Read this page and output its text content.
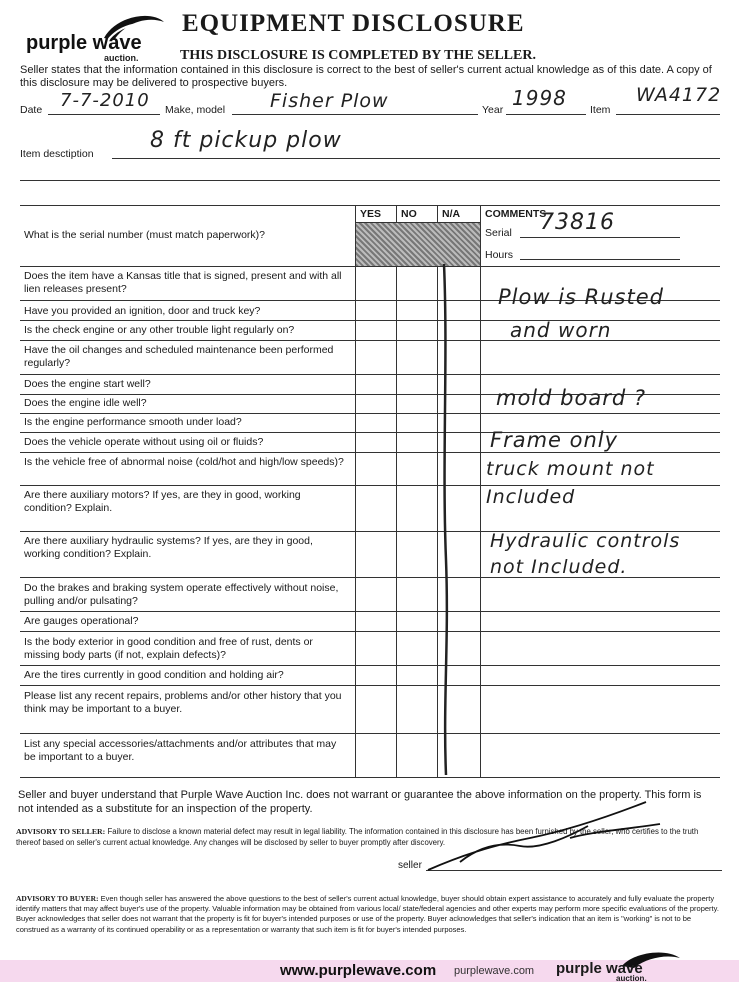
purple wave
auction.
EQUIPMENT DISCLOSURE
THIS DISCLOSURE IS COMPLETED BY THE SELLER.
Seller states that the information contained in this disclosure is correct to the best of seller's current actual knowledge as of this date. A copy of this disclosure may be delivered to prospective buyers.
Date 7-7-2010 Make, model Fisher Plow	Year 1998 Item
WA4172
Item desctiption
8 ft pickup plow
YES NO N/A COMMENTS
Serial 73816
Hours
What is the serial number (must match paperwork)?
Does the item have a Kansas title that is signed, present and with all lien releases present?
Have you provided an ignition, door and truck key?
Is the check engine or any other trouble light regularly on?
Have the oil changes and scheduled maintenance been performed regularly?
Does the engine start well?
Does the engine idle well?
Is the engine performance smooth under load?
Does the vehicle operate without using oil or fluids?
Is the vehicle free of abnormal noise (cold/hot and high/low speeds)?
Are there auxiliary motors? If yes, are they in good, working condition? Explain.
Are there auxiliary hydraulic systems? If yes, are they in good, working condition? Explain.
Do the brakes and braking system operate effectively without noise, pulling and/or pulsating?
Are gauges operational?
Is the body exterior in good condition and free of rust, dents or missing body parts (if not, explain defects)?
Are the tires currently in good condition and holding air?
Please list any recent repairs, problems and/or other history that you think may be important to a buyer.
List any special accessories/attachments and/or attributes that may be important to a buyer.
Plow is Rusted
and worn
mold board ?
Frame only
truck mount not
Included
Hydraulic controls
not Included.
Seller and buyer understand that Purple Wave Auction Inc. does not warrant or guarantee the above information on the property. This form is not intended as a substitute for an inspection of the property.
ADVISORY TO SELLER: Failure to disclose a known material defect may result in legal liability. The information contained in this disclosure has been furnished by the seller, who certifies to the truth thereof based on seller's current actual knowledge. Any changes will be disclosed by seller to buyer promptly after discovery.
seller
ADVISORY TO BUYER: Even though seller has answered the above questions to the best of seller's current actual knowledge, buyer should obtain expert assistance to accurately and fully evaluate the property identify matters that may affect buyer's use of the property. Valuable information may be obtained from various local/ state/federal agencies and other experts may perform more specific evaluations of the property. Buyer acknowledges that seller does not warrant that the property is fit for buyer's intended purposes or use of the property. Buyer acknowledges that seller's indication that an item is "working" is not to be construed as a warranty of its continued operability or as a representation or warranty that such item is fit for buyer's intended purposes.
www.purplewave.com purplewave.com purple wave
auction.
